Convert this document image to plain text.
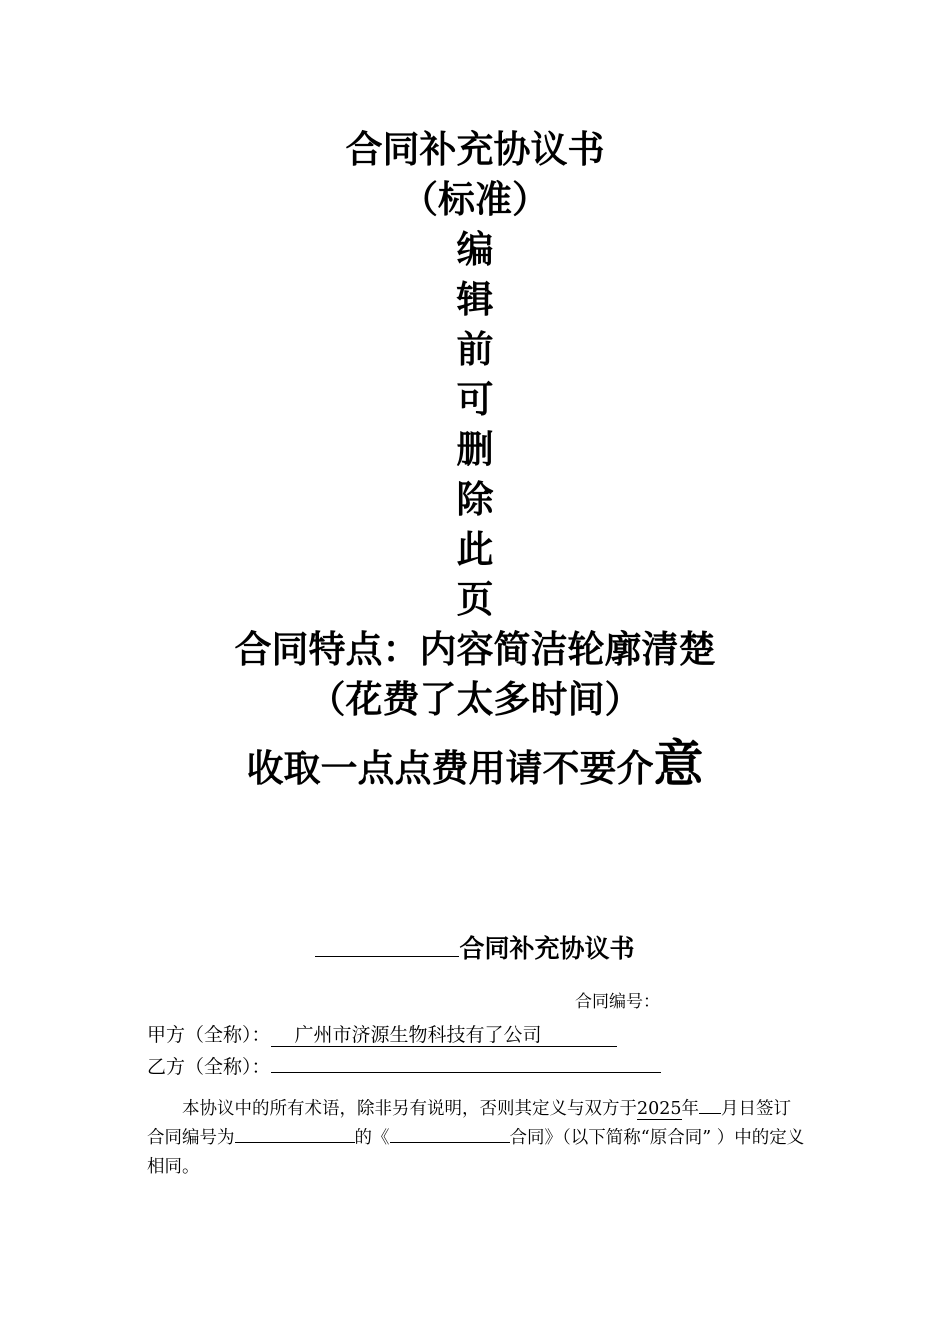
合同补充协议书
（标准）
编
辑
前
可
删
除
此
页
合同特点：内容简洁轮廓清楚
（花费了太多时间）
收取一点点费用请不要介意
合同补充协议书
合同编号：
甲方（全称）： 广州市济源生物科技有了公司
乙方（全称）：
本协议中的所有术语，除非另有说明，否则其定义与双方于2025年 月日签订合同编号为	的《	合同》（以下简称“原合同” ）中的定义相同。
